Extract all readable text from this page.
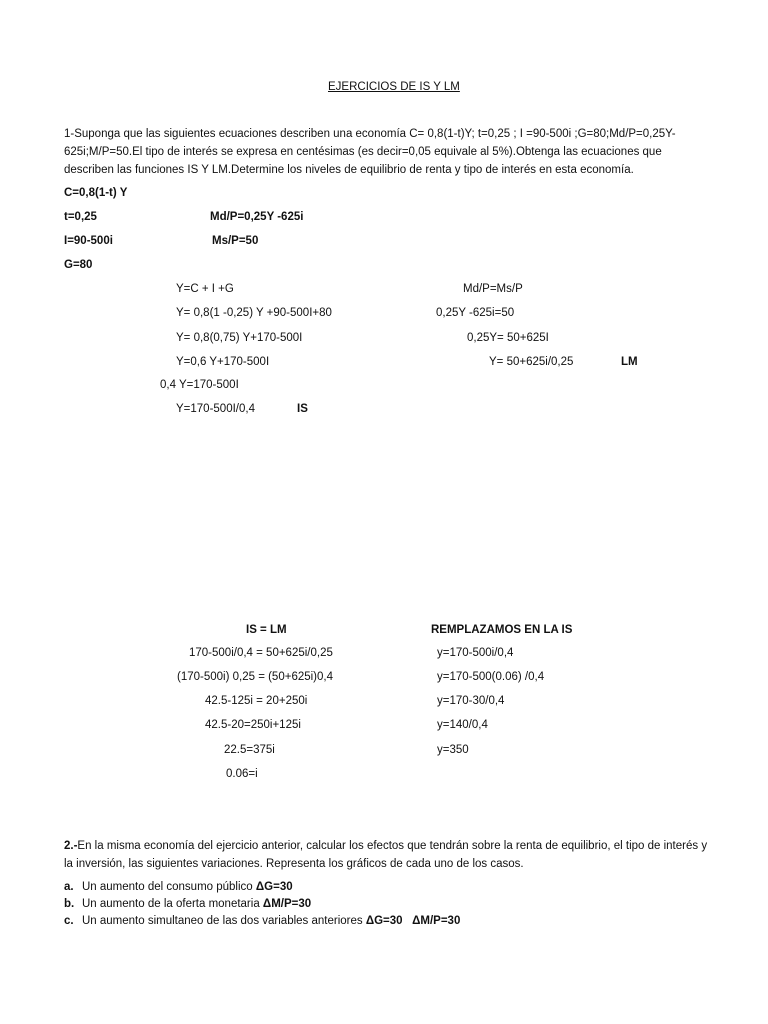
EJERCICIOS DE IS Y LM
1-Suponga que las siguientes ecuaciones describen una economía C= 0,8(1-t)Y; t=0,25 ; I =90-500i ;G=80;Md/P=0,25Y-625i;M/P=50.El tipo de interés se expresa en centésimas (es decir=0,05 equivale al 5%).Obtenga las ecuaciones que describen las funciones IS Y LM.Determine los niveles de equilibrio de renta y tipo de interés en esta economía.
C=0,8(1-t) Y
t=0,25	Md/P=0,25Y -625i
I=90-500i	Ms/P=50
G=80
Y=C + I +G
Y= 0,8(1 -0,25) Y +90-500I+80
Y= 0,8(0,75) Y+170-500I
Y=0,6 Y+170-500I
0,4 Y=170-500I
Y=170-500I/0,4	IS
Md/P=Ms/P
0,25Y -625i=50
0,25Y= 50+625I
Y= 50+625i/0,25	LM
IS = LM
170-500i/0,4 = 50+625i/0,25
(170-500i) 0,25 = (50+625i)0,4
42.5-125i = 20+250i
42.5-20=250i+125i
22.5=375i
0.06=i
REMPLAZAMOS EN LA IS
y=170-500i/0,4
y=170-500(0.06) /0,4
y=170-30/0,4
y=140/0,4
y=350
2.-En la misma economía del ejercicio anterior, calcular los efectos que tendrán sobre la renta de equilibrio, el tipo de interés y la inversión, las siguientes variaciones. Representa los gráficos de cada uno de los casos.
a. Un aumento del consumo público ΔG=30
b. Un aumento de la oferta monetaria ΔM/P=30
c. Un aumento simultaneo de las dos variables anteriores ΔG=30   ΔM/P=30
